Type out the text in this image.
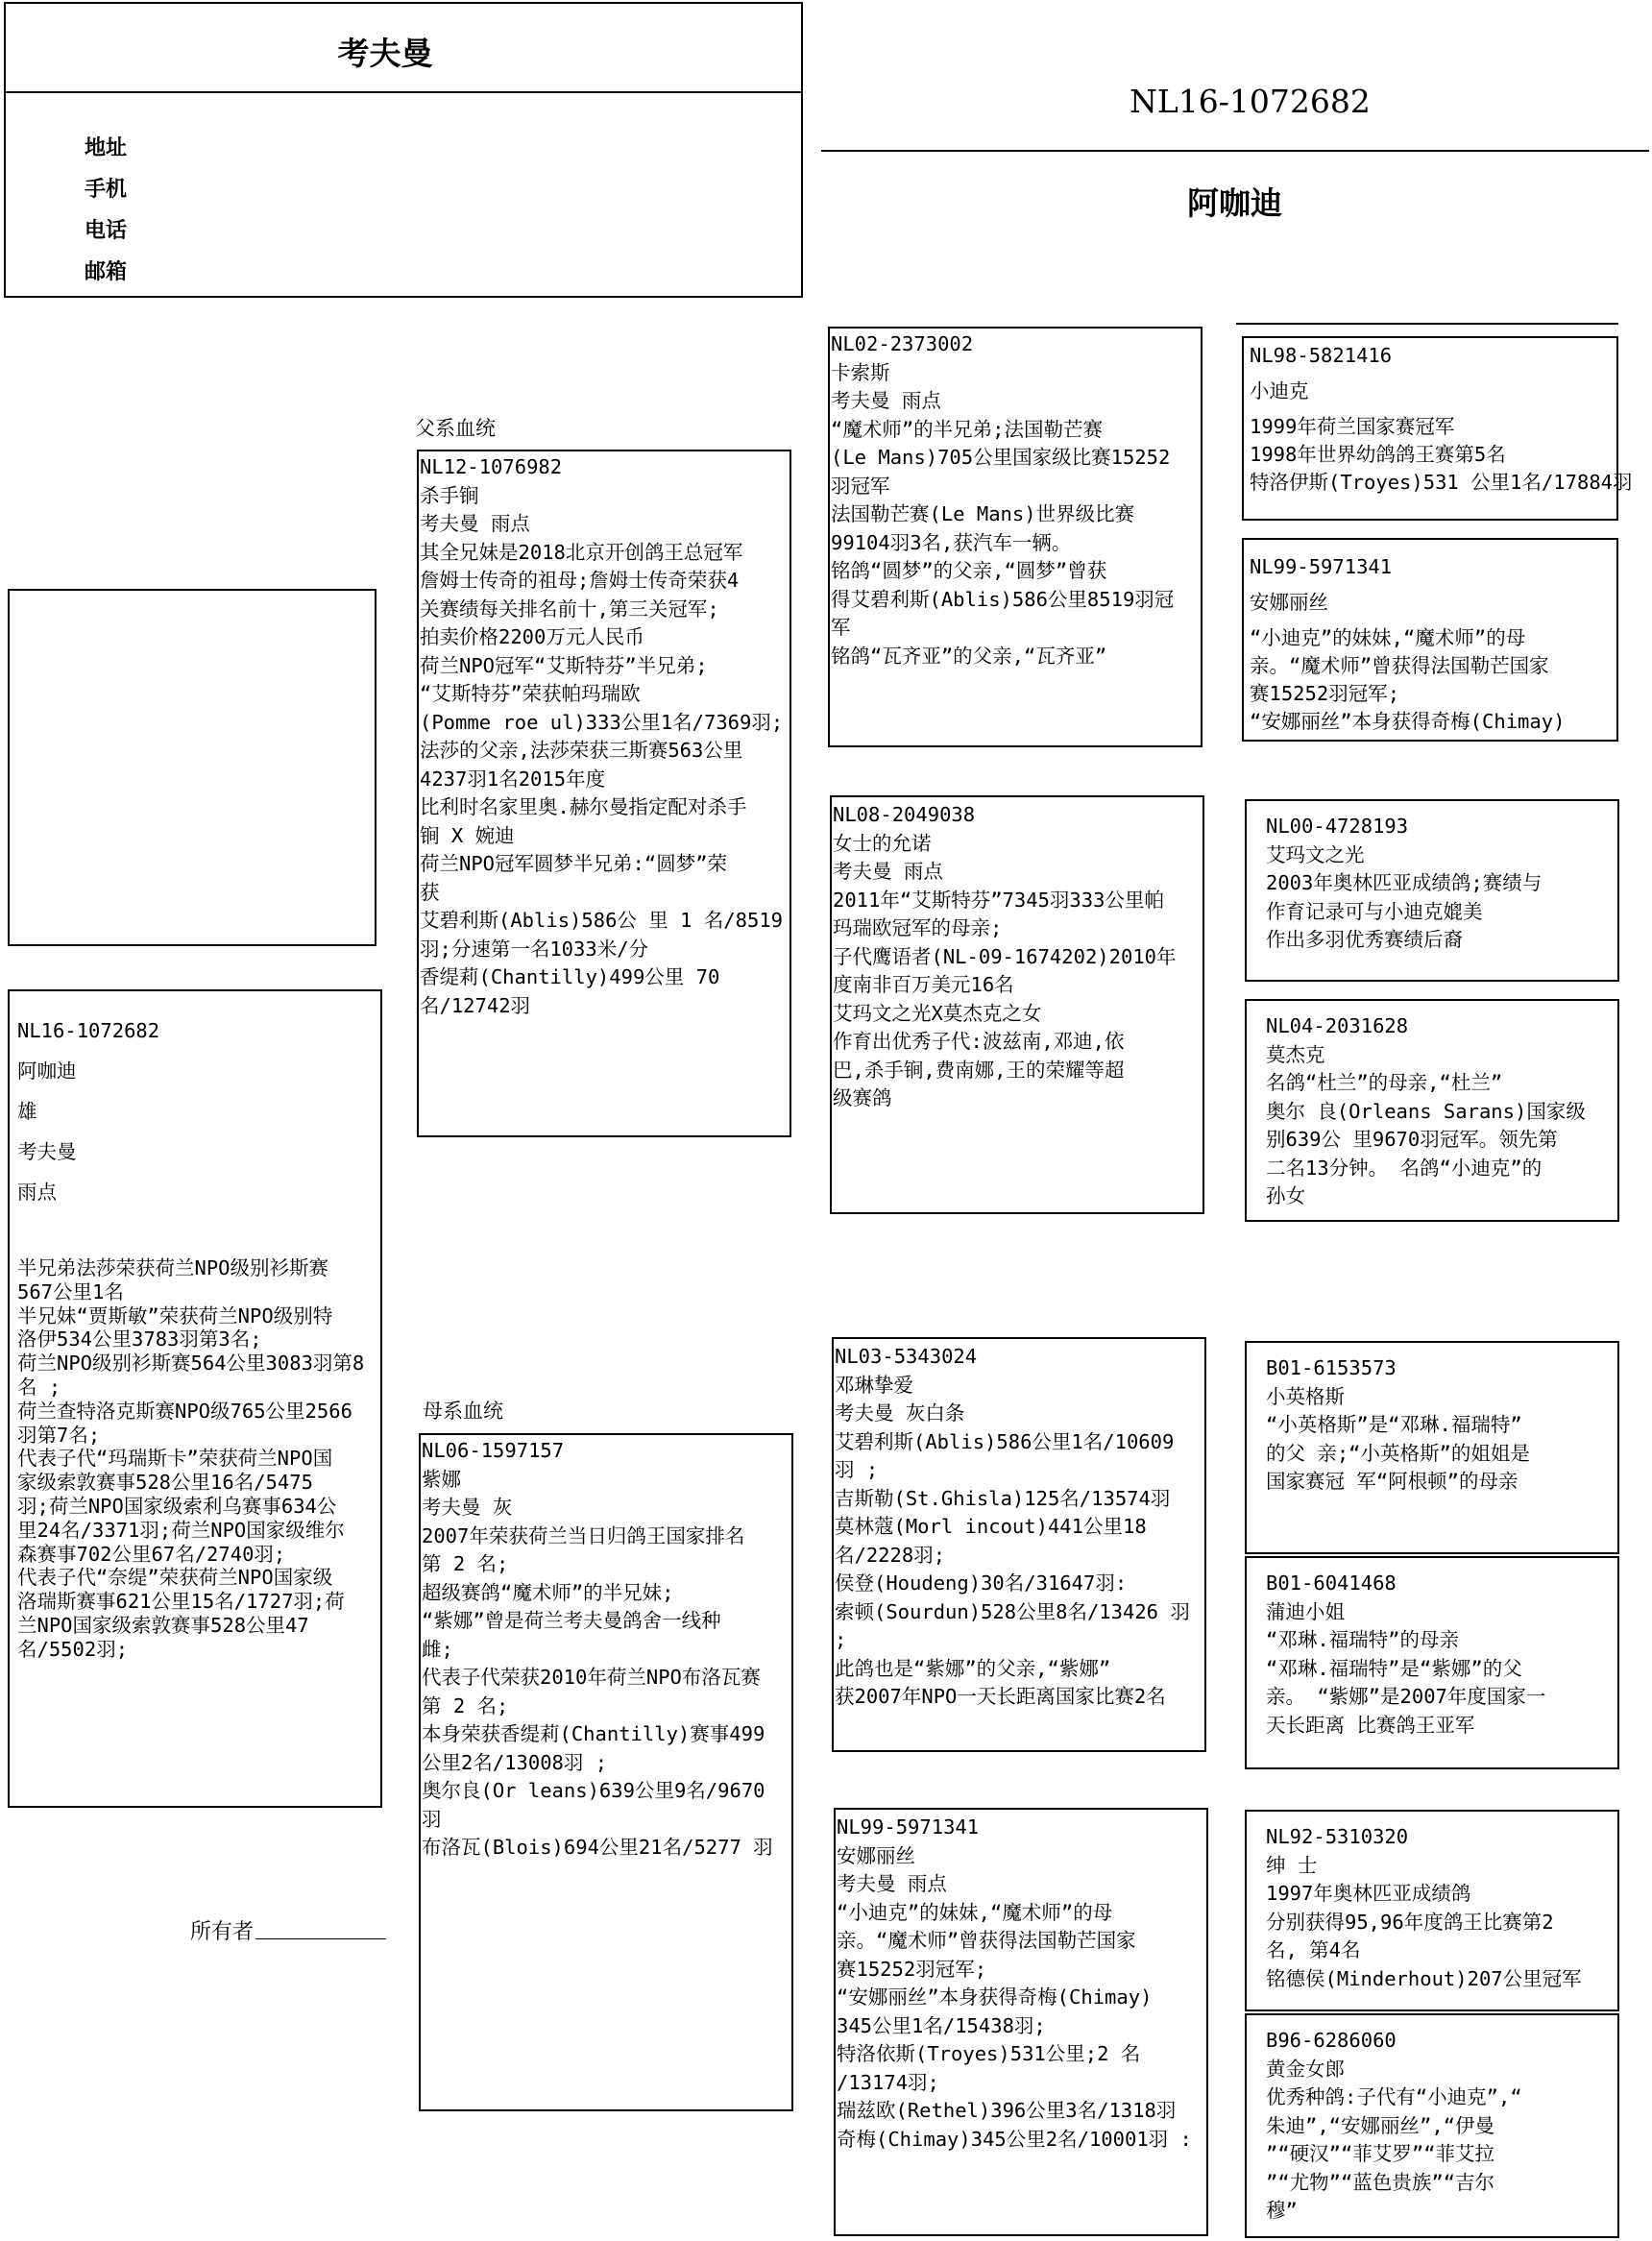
考夫曼
地址
手机
电话
邮箱
NL16-1072682
阿咖迪
NL16-1072682
阿咖迪
雄
考夫曼
雨点
半兄弟法莎荣获荷兰NPO级别衫斯赛
567公里1名
半兄妹“贾斯敏”荣获荷兰NPO级别特
洛伊534公里3783羽第3名;
荷兰NPO级别衫斯赛564公里3083羽第8
名 ;
荷兰查特洛克斯赛NPO级765公里2566
羽第7名;
代表子代“玛瑞斯卡”荣获荷兰NPO国
家级索敦赛事528公里16名/5475
羽;荷兰NPO国家级索利乌赛事634公
里24名/3371羽;荷兰NPO国家级维尔
森赛事702公里67名/2740羽;
代表子代“奈缇”荣获荷兰NPO国家级
洛瑞斯赛事621公里15名/1727羽;荷
兰NPO国家级索敦赛事528公里47
名/5502羽;
所有者
父系血统
母系血统
NL12-1076982
杀手锏
考夫曼 雨点
其全兄妹是2018北京开创鸽王总冠军
詹姆士传奇的祖母;詹姆士传奇荣获4
关赛绩每关排名前十,第三关冠军;
拍卖价格2200万元人民币
荷兰NPO冠军“艾斯特芬”半兄弟;
“艾斯特芬”荣获帕玛瑞欧
(Pomme roe ul)333公里1名/7369羽;
法莎的父亲,法莎荣获三斯赛563公里
4237羽1名2015年度
比利时名家里奥.赫尔曼指定配对杀手
锏 X 婉迪
荷兰NPO冠军圆梦半兄弟:“圆梦”荣
获
艾碧利斯(Ablis)586公 里 1 名/8519
羽;分速第一名1033米/分
香缇莉(Chantilly)499公里 70
名/12742羽
NL06-1597157
紫娜
考夫曼 灰
2007年荣获荷兰当日归鸽王国家排名
第 2 名;
超级赛鸽“魔术师”的半兄妹;
“紫娜”曾是荷兰考夫曼鸽舍一线种
雌;
代表子代荣获2010年荷兰NPO布洛瓦赛
第 2 名;
本身荣获香缇莉(Chantilly)赛事499
公里2名/13008羽 ;
奥尔良(Or leans)639公里9名/9670
羽
布洛瓦(Blois)694公里21名/5277 羽
NL02-2373002
卡索斯
考夫曼 雨点
“魔术师”的半兄弟;法国勒芒赛
(Le Mans)705公里国家级比赛15252
羽冠军
法国勒芒赛(Le Mans)世界级比赛
99104羽3名,获汽车一辆。
铭鸽“圆梦”的父亲,“圆梦”曾获
得艾碧利斯(Ablis)586公里8519羽冠
军
铭鸽“瓦齐亚”的父亲,“瓦齐亚”
NL08-2049038
女士的允诺
考夫曼 雨点
2011年“艾斯特芬”7345羽333公里帕
玛瑞欧冠军的母亲;
子代鹰语者(NL-09-1674202)2010年
度南非百万美元16名
艾玛文之光X莫杰克之女
作育出优秀子代:波兹南,邓迪,依
巴,杀手锏,费南娜,王的荣耀等超
级赛鸽
NL03-5343024
邓琳挚爱
考夫曼 灰白条
艾碧利斯(Ablis)586公里1名/10609
羽 ;
吉斯勒(St.Ghisla)125名/13574羽
莫林蔻(Morl incout)441公里18
名/2228羽;
侯登(Houdeng)30名/31647羽:
索顿(Sourdun)528公里8名/13426 羽
;
此鸽也是“紫娜”的父亲,“紫娜”
获2007年NPO一天长距离国家比赛2名
NL99-5971341
安娜丽丝
考夫曼 雨点
“小迪克”的妹妹,“魔术师”的母
亲。“魔术师”曾获得法国勒芒国家
赛15252羽冠军;
“安娜丽丝”本身获得奇梅(Chimay)
345公里1名/15438羽;
特洛依斯(Troyes)531公里;2 名
/13174羽;
瑞兹欧(Rethel)396公里3名/1318羽
奇梅(Chimay)345公里2名/10001羽 :
NL98-5821416
小迪克
1999年荷兰国家赛冠军
1998年世界幼鸽鸽王赛第5名
特洛伊斯(Troyes)531 公里1名/17884羽
NL99-5971341
安娜丽丝
“小迪克”的妹妹,“魔术师”的母
亲。“魔术师”曾获得法国勒芒国家
赛15252羽冠军;
“安娜丽丝”本身获得奇梅(Chimay)
NL00-4728193
艾玛文之光
2003年奥林匹亚成绩鸽;赛绩与
作育记录可与小迪克媲美
作出多羽优秀赛绩后裔
NL04-2031628
莫杰克
名鸽“杜兰”的母亲,“杜兰”
奥尔 良(Orleans Sarans)国家级
别639公 里9670羽冠军。领先第
二名13分钟。 名鸽“小迪克”的
孙女
B01-6153573
小英格斯
“小英格斯”是“邓琳.福瑞特”
的父 亲;“小英格斯”的姐姐是
国家赛冠 军“阿根顿”的母亲
B01-6041468
蒲迪小姐
“邓琳.福瑞特”的母亲
“邓琳.福瑞特”是“紫娜”的父
亲。 “紫娜”是2007年度国家一
天长距离 比赛鸽王亚军
NL92-5310320
绅 士
1997年奥林匹亚成绩鸽
分别获得95,96年度鸽王比赛第2
名, 第4名
铭德侯(Minderhout)207公里冠军
B96-6286060
黄金女郎
优秀种鸽:子代有“小迪克”,“
朱迪”,“安娜丽丝”,“伊曼
”“硬汉”“菲艾罗”“菲艾拉
”“尤物”“蓝色贵族”“吉尔
穆”
